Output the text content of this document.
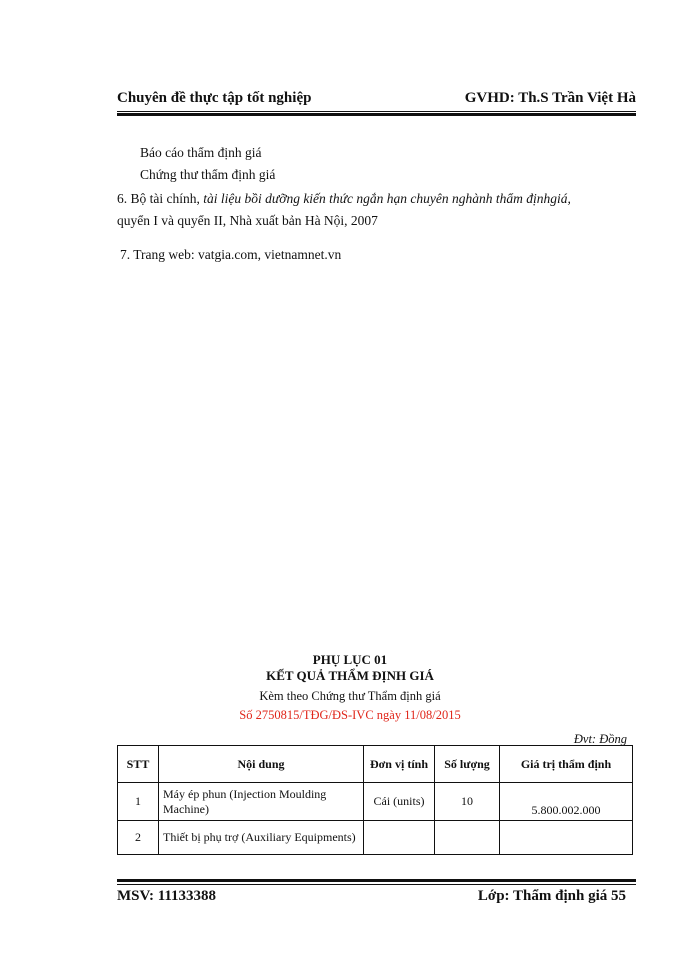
Chuyên đề thực tập tốt nghiệp	GVHD: Th.S Trần Việt Hà
Báo cáo thẩm định giá
Chứng thư thẩm định giá
6. Bộ tài chính, tài liệu bồi dưỡng kiến thức ngắn hạn chuyên nghành thẩm địnhgiá,
quyển I và quyển II, Nhà xuất bản Hà Nội, 2007
7. Trang web: vatgia.com, vietnamnet.vn
PHỤ LỤC 01
KẾT QUẢ THẨM ĐỊNH GIÁ
Kèm theo Chứng thư Thẩm định giá
Số 2750815/TĐG/ĐS-IVC ngày 11/08/2015
Đvt: Đồng
STT	Nội dung	Đơn vị tính	Số lượng	Giá trị thẩm định
1	Máy ép phun (Injection Moulding Machine)	Cái (units)	10	5.800.002.000
2	Thiết bị phụ trợ (Auxiliary Equipments)			
MSV: 11133388	Lớp: Thẩm định giá 55
